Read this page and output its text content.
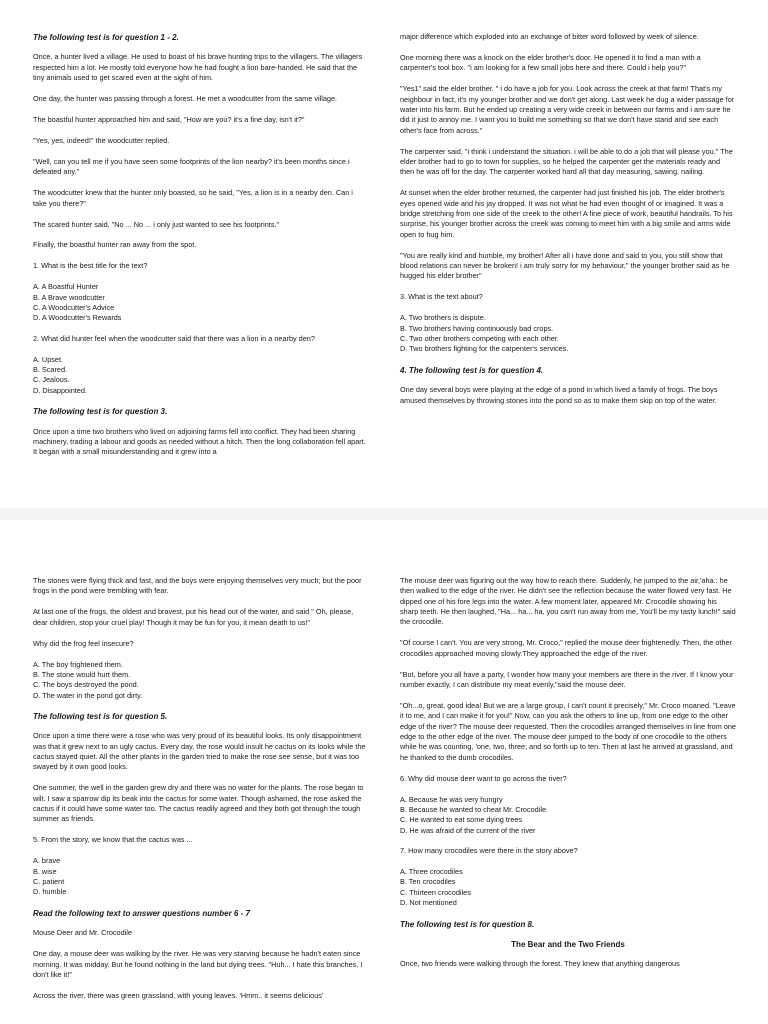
The following test is for question 1 - 2.

Once, a hunter lived a village. He used to boast of his brave hunting trips to the villagers. The villagers respected him a lot. He mostly told everyone how he had fought a lion bare-handed. He said that the tiny animals used to get scared even at the sight of him.

One day, the hunter was passing through a forest. He met a woodcutter from the same village.

The boastful hunter approached him and said, "How are you? it's a fine day, isn't it?"

"Yes, yes, indeed!" the woodcutter replied.

"Well, can you tell me if you have seen some footprints of the lion nearby? it's been months since i defeated any."

The woodcutter knew that the hunter only boasted, so he said, "Yes, a lion is in a nearby den. Can i take you there?"

The scared hunter said, "No ... No ... i only just wanted to see his footprints."

Finally, the boastful hunter ran away from the spot.

1. What is the best title for the text?

A. A Boastful Hunter
B. A Brave woodcutter
C. A Woodcutter's Advice
D. A Woodcutter's Rewards

2. What did hunter feel when the woodcutter said that there was a lion in a nearby den?

A. Upset.
B. Scared.
C. Jealous.
D. Disappointed.

The following test is for question 3.

Once upon a time two brothers who lived on adjoining farms fell into conflict. They had been sharing machinery, trading a labour and goods as needed without a hitch. Then the long collaboration fell apart. It began with a small misunderstanding and it grew into a

major difference which exploded into an exchange of bitter word followed by week of silence.

One morning there was a knock on the elder brother's door. He opened it to find a man with a carpenter's tool box. "i am looking for a few small jobs here and there. Could i help you?"

"Yes1" said the elder brother. " i do have a job for you. Look across the creek at that farm! That's my neighbour in fact, it's my younger brother and we don't get along. Last week he dug a wider passage for water into his farm. But he ended up creating a very wide creek in between our farms and i am sure he did it just to annoy me. I want you to build me something so that we don't have stand and see each other's face from across."

The carpenter said, "i think i understand the situation. i will be able to do a job that will please you." The elder brother had to go to town for supplies, so he helped the carpenter get the materials ready and then he was off for the day. The carpenter worked hard all that day measuring, sawing, nailing.

At sunset when the elder brother returned, the carpenter had just finished his job. The elder brother's eyes opened wide and his jay dropped. It was not what he had even thought of or imagined. It was a bridge stretching from one side of the creek to the other! A fine piece of work, beautiful handrails. To his surprise, his younger brother across the creek was coming to meet him with a big smile and arms wide open to hug him.

"You are really kind and humble, my brother! After all i have done and said to you, you still show that blood relations can never be broken! i am truly sorry for my behaviour," the younger brother said as he hugged his elder brother"

3. What is the text about?

A. Two brothers is dispute.
B. Two brothers having continuously bad crops.
C. Two other brothers competing with each other.
D. Two brothers fighting for the carpenter's services.

4. The following test is for question 4.

One day several boys were playing at the edge of a pond in which lived a family of frogs. The boys amused themselves by throwing stones into the pond so as to make them skip on top of the water.

The stones were flying thick and fast, and the boys were enjoying themselves very much; but the poor frogs in the pond were trembling with fear.

At last one of the frogs, the oldest and bravest, put his head out of the water, and said " Oh, please, dear children, stop your cruel play! Though it may be fun for you, it mean death to us!"

Why did the frog feel insecure?

A. The boy frightened them.
B. The stone would hurt them.
C. The boys destroyed the pond.
D. The water in the pond got dirty.

The following test is for question 5.

Once upon a time there were a rose who was very proud of its beautiful looks. Its only disappointment was that it grew next to an ugly cactus. Every day, the rose would insult he cactus on its looks while the cactus stayed quiet. All the other plants in the garden tried to make the rose see sense, but it was too swayed by it own good looks.

One summer, the well in the garden grew dry and there was no water for the plants. The rose began to wilt. I saw a sparrow dip its beak into the cactus for some water. Though ashamed, the rose asked the cactus if it could have some water too. The cactus readily agreed and they both got through the tough summer as friends.

5. From the story, we know that the cactus was ...

A. brave
B. wise
C. patient
D. humble

Read the following text to answer questions number 6 - 7

Mouse Deer and Mr. Crocodile

One day, a mouse deer was walking by the river. He was very starving because he hadn't eaten since morning. It was midday. But he found nothing in the land but dying trees. "Huh... I hate this branches, I don't like it!"

Across the river, there was green grassland, with young leaves. 'Hmm.. it seems delicious'

The mouse deer was figuring out the way how to reach there. Suddenly, he jumped to the air,'aha.: he then walked to the edge of the river. He didn't see the reflection because the water flowed very fast. He dipped one of his fore legs into the water. A few moment later, appeared Mr. Crocodile showing his sharp teeth. He then laughed, "Ha... ha... ha, you can't run away from me, You'll be my tasty lunch!" said the crocodile.

"Of course I can't. You are very strong, Mr. Croco," replied the mouse deer frightenedly. Then, the other crocodiles approached moving slowly.They approached the edge of the river.

"But, before you all have a party, I wonder how many your members are there in the river. If I know your number exactly, I can distribute my meat evenly,"said the mouse deer.

"Oh...o, great, good idea! But we are a large group, I can't count it precisely," Mr. Croco moaned. "Leave it to me, and I can make it for you!" Now, can you ask the others to line up, from one edge to the other edge of the river? The mouse deer requested. Then the crocodiles arranged themselves in line from one edge to the other edge of the river. The mouse deer jumped to the body of one crocodile to the others while he was counting, 'one, two, three; and so forth up to ten. Then at last he arrived at grassland, and he thanked to the dumb crocodiles.

6. Why did mouse deer want to go across the river?

A. Because he was very hungry
B. Because he wanted to cheat Mr. Crocodile
C. He wanted to eat some dying trees
D. He was afraid of the current of the river

7. How many crocodiles were there in the story above?

A. Three crocodiles
B. Ten crocodiles
C. Thirteen crocodiles
D. Not mentioned

The following test is for question 8.

The Bear and the Two Friends

Once, two friends were walking through the forest. They knew that anything dangerous
